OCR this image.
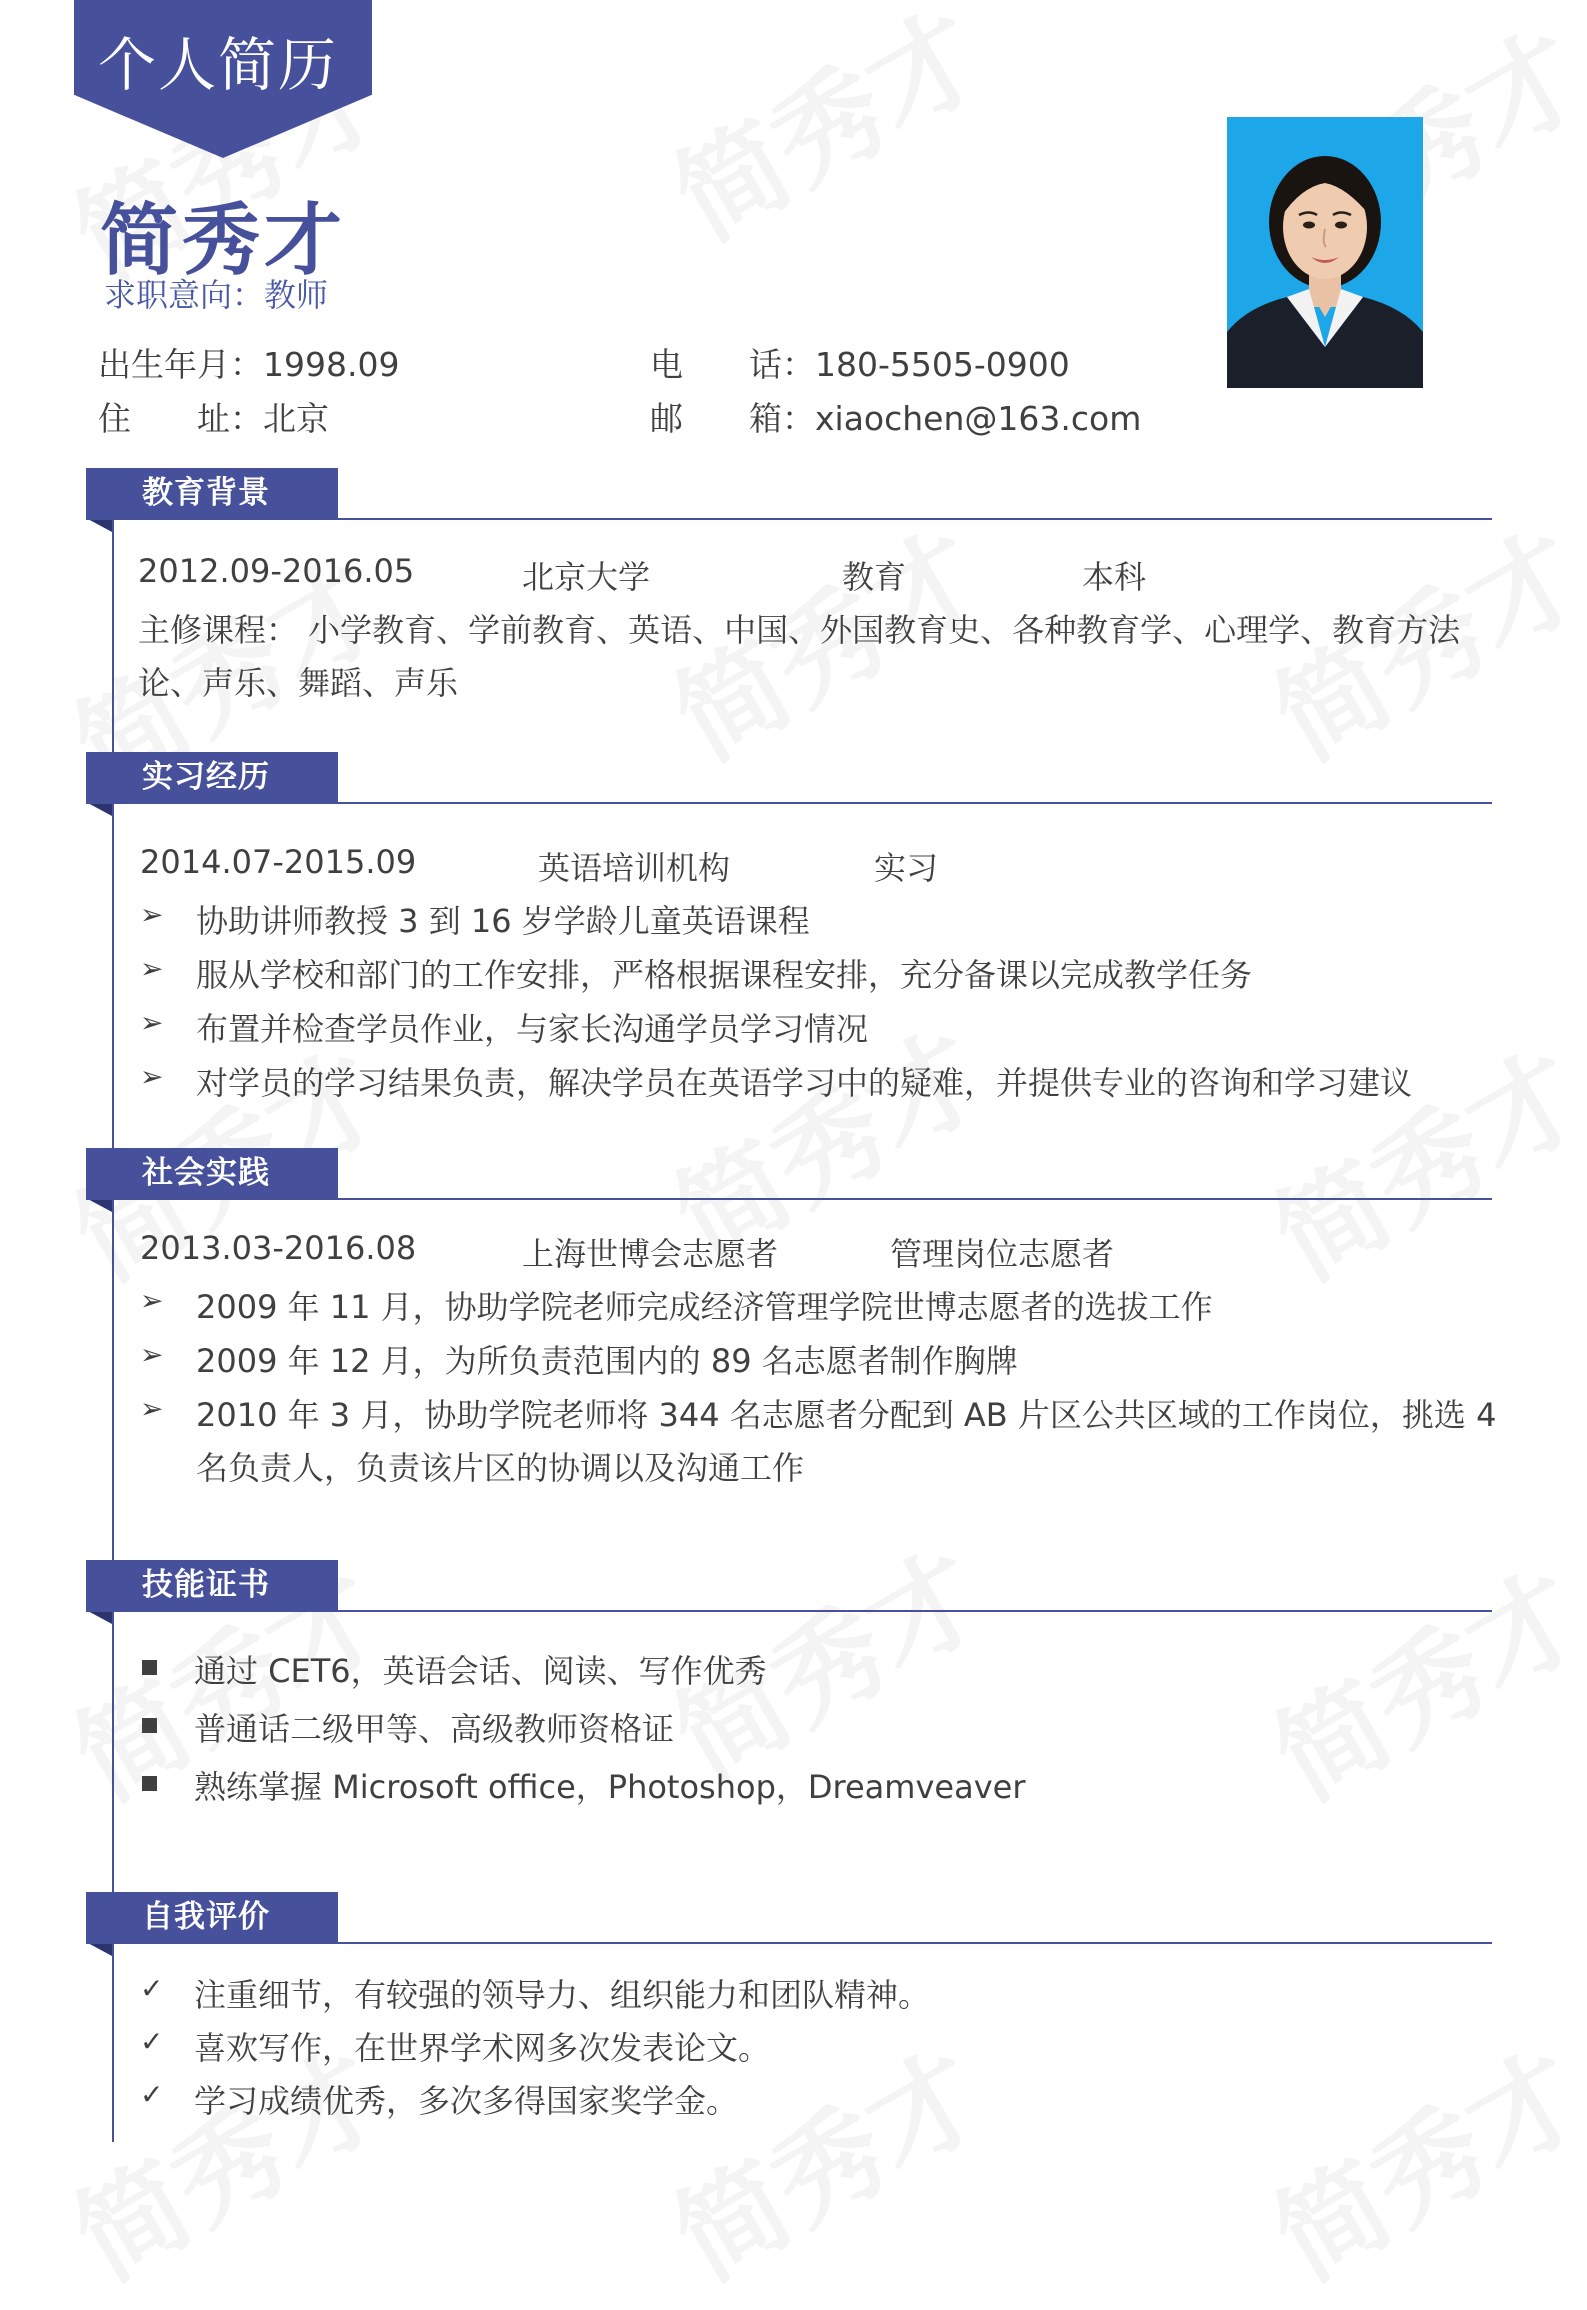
个人简历
简秀才
求职意向：教师
出生年月：1998.09	电　　话：180-5505-0900
住　　址：北京	邮　　箱：xiaochen@163.com
教育背景
2012.09-2016.05	北京大学	教育	本科
主修课程： 小学教育、学前教育、英语、中国、外国教育史、各种教育学、心理学、教育方法
论、声乐、舞蹈、声乐
实习经历
2014.07-2015.09	英语培训机构	实习
➢ 协助讲师教授 3 到 16 岁学龄儿童英语课程
➢ 服从学校和部门的工作安排，严格根据课程安排，充分备课以完成教学任务
➢ 布置并检查学员作业，与家长沟通学员学习情况
➢ 对学员的学习结果负责，解决学员在英语学习中的疑难，并提供专业的咨询和学习建议
社会实践
2013.03-2016.08	上海世博会志愿者	管理岗位志愿者
➢ 2009 年 11 月，协助学院老师完成经济管理学院世博志愿者的选拔工作
➢ 2009 年 12 月，为所负责范围内的 89 名志愿者制作胸牌
➢ 2010 年 3 月，协助学院老师将 344 名志愿者分配到 AB 片区公共区域的工作岗位，挑选 4
名负责人，负责该片区的协调以及沟通工作
技能证书
通过 CET6，英语会话、阅读、写作优秀
普通话二级甲等、高级教师资格证
熟练掌握 Microsoft office，Photoshop，Dreamveaver
自我评价
✓ 注重细节，有较强的领导力、组织能力和团队精神。
✓ 喜欢写作，在世界学术网多次发表论文。
✓ 学习成绩优秀，多次多得国家奖学金。
